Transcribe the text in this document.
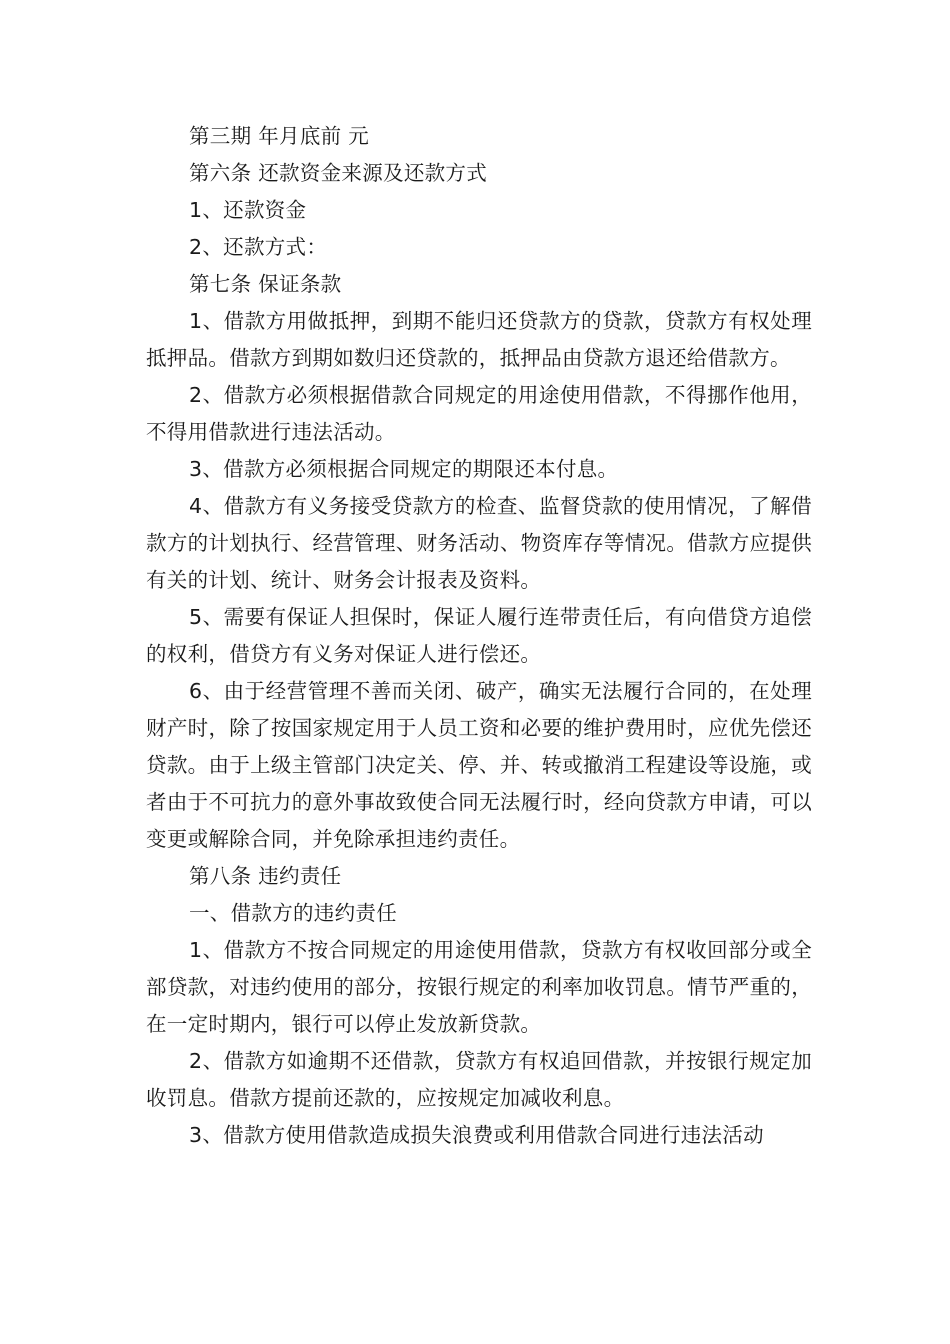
第三期 年月底前 元

第六条 还款资金来源及还款方式

1、还款资金

2、还款方式：

第七条 保证条款

1、借款方用做抵押，到期不能归还贷款方的贷款，贷款方有权处理抵押品。借款方到期如数归还贷款的，抵押品由贷款方退还给借款方。

2、借款方必须根据借款合同规定的用途使用借款，不得挪作他用，不得用借款进行违法活动。

3、借款方必须根据合同规定的期限还本付息。

4、借款方有义务接受贷款方的检查、监督贷款的使用情况，了解借款方的计划执行、经营管理、财务活动、物资库存等情况。借款方应提供有关的计划、统计、财务会计报表及资料。

5、需要有保证人担保时，保证人履行连带责任后，有向借贷方追偿的权利，借贷方有义务对保证人进行偿还。

6、由于经营管理不善而关闭、破产，确实无法履行合同的，在处理财产时，除了按国家规定用于人员工资和必要的维护费用时，应优先偿还贷款。由于上级主管部门决定关、停、并、转或撤消工程建设等设施，或者由于不可抗力的意外事故致使合同无法履行时，经向贷款方申请，可以变更或解除合同，并免除承担违约责任。

第八条 违约责任

一、借款方的违约责任

1、借款方不按合同规定的用途使用借款，贷款方有权收回部分或全部贷款，对违约使用的部分，按银行规定的利率加收罚息。情节严重的，在一定时期内，银行可以停止发放新贷款。

2、借款方如逾期不还借款，贷款方有权追回借款，并按银行规定加收罚息。借款方提前还款的，应按规定加减收利息。

3、借款方使用借款造成损失浪费或利用借款合同进行违法活动
